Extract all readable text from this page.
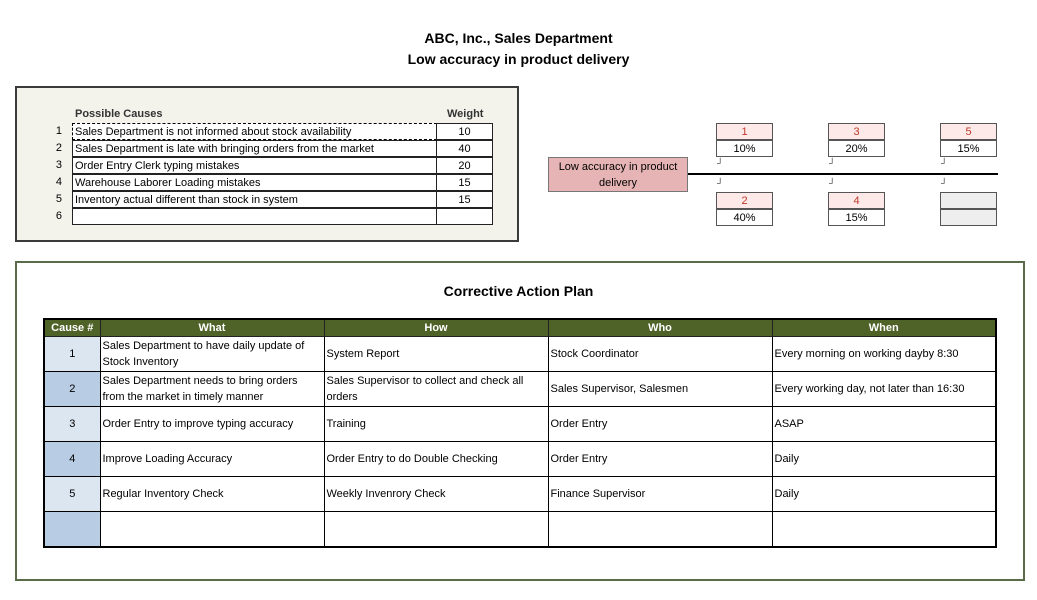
ABC, Inc., Sales Department
Low accuracy in product delivery
Possible Causes	Weight
1 Sales Department is not informed about stock availability	10
2 Sales Department is late with bringing orders from the market	40
3 Order Entry Clerk typing mistakes	20
4 Warehouse Laborer Loading mistakes	15
5 Inventory actual different than stock in system	15
6
Low accuracy in product delivery
1
10%
3
20%
5
15%
┘	┘	┘
┘	┘	┘
2
40%
4
15%
Corrective Action Plan
Cause #	What	How	Who	When
1	Sales Department to have daily update of Stock Inventory	System Report	Stock Coordinator	Every morning on working dayby 8:30
2	Sales Department needs to bring orders from the market in timely manner	Sales Supervisor to collect and check all orders	Sales Supervisor, Salesmen	Every working day, not later than 16:30
3	Order Entry to improve typing accuracy	Training	Order Entry	ASAP
4	Improve Loading Accuracy	Order Entry to do Double Checking	Order Entry	Daily
5	Regular Inventory Check	Weekly Invenrory Check	Finance Supervisor	Daily
